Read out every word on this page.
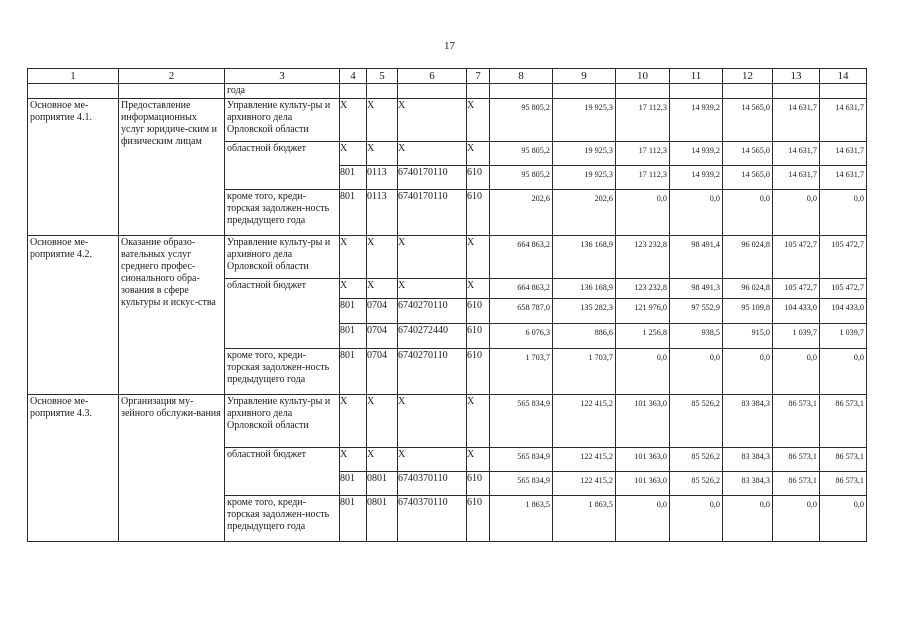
17
1	2	3	4	5	6	7	8	9	10	11	12	13	14
		года											
Основное ме-роприятие 4.1.	Предоставление информационных услуг юридиче-ским и физическим лицам	Управление культу-ры и архивного дела Орловской области	X	X	X	X	95 805,2	19 925,3	17 112,3	14 939,2	14 565,0	14 631,7	14 631,7
		областной бюджет	X	X	X	X	95 805,2	19 925,3	17 112,3	14 939,2	14 565,0	14 631,7	14 631,7
			801	0113	6740170110	610	95 805,2	19 925,3	17 112,3	14 939,2	14 565,0	14 631,7	14 631,7
		кроме того, креди-торская задолжен-ность предыдущего года	801	0113	6740170110	610	202,6	202,6	0,0	0,0	0,0	0,0	0,0
Основное ме-роприятие 4.2.	Оказание образо-вательных услуг среднего профес-сионального обра-зования в сфере культуры и искус-ства	Управление культу-ры и архивного дела Орловской области	X	X	X	X	664 863,2	136 168,9	123 232,8	98 491,4	96 024,8	105 472,7	105 472,7
		областной бюджет	X	X	X	X	664 863,2	136 168,9	123 232,8	98 491,3	96 024,8	105 472,7	105 472,7
			801	0704	6740270110	610	658 787,0	135 282,3	121 976,0	97 552,9	95 109,8	104 433,0	104 433,0
			801	0704	6740272440	610	6 076,3	886,6	1 256,8	938,5	915,0	1 039,7	1 039,7
		кроме того, креди-торская задолжен-ность предыдущего года	801	0704	6740270110	610	1 703,7	1 703,7	0,0	0,0	0,0	0,0	0,0
Основное ме-роприятие 4.3.	Организация му-зейного обслужи-вания	Управление культу-ры и архивного дела Орловской области	X	X	X	X	565 834,9	122 415,2	101 363,0	85 526,2	83 384,3	86 573,1	86 573,1
		областной бюджет	X	X	X	X	565 834,9	122 415,2	101 363,0	85 526,2	83 384,3	86 573,1	86 573,1
			801	0801	6740370110	610	565 834,9	122 415,2	101 363,0	85 526,2	83 384,3	86 573,1	86 573,1
		кроме того, креди-торская задолжен-ность предыдущего года	801	0801	6740370110	610	1 863,5	1 863,5	0,0	0,0	0,0	0,0	0,0
